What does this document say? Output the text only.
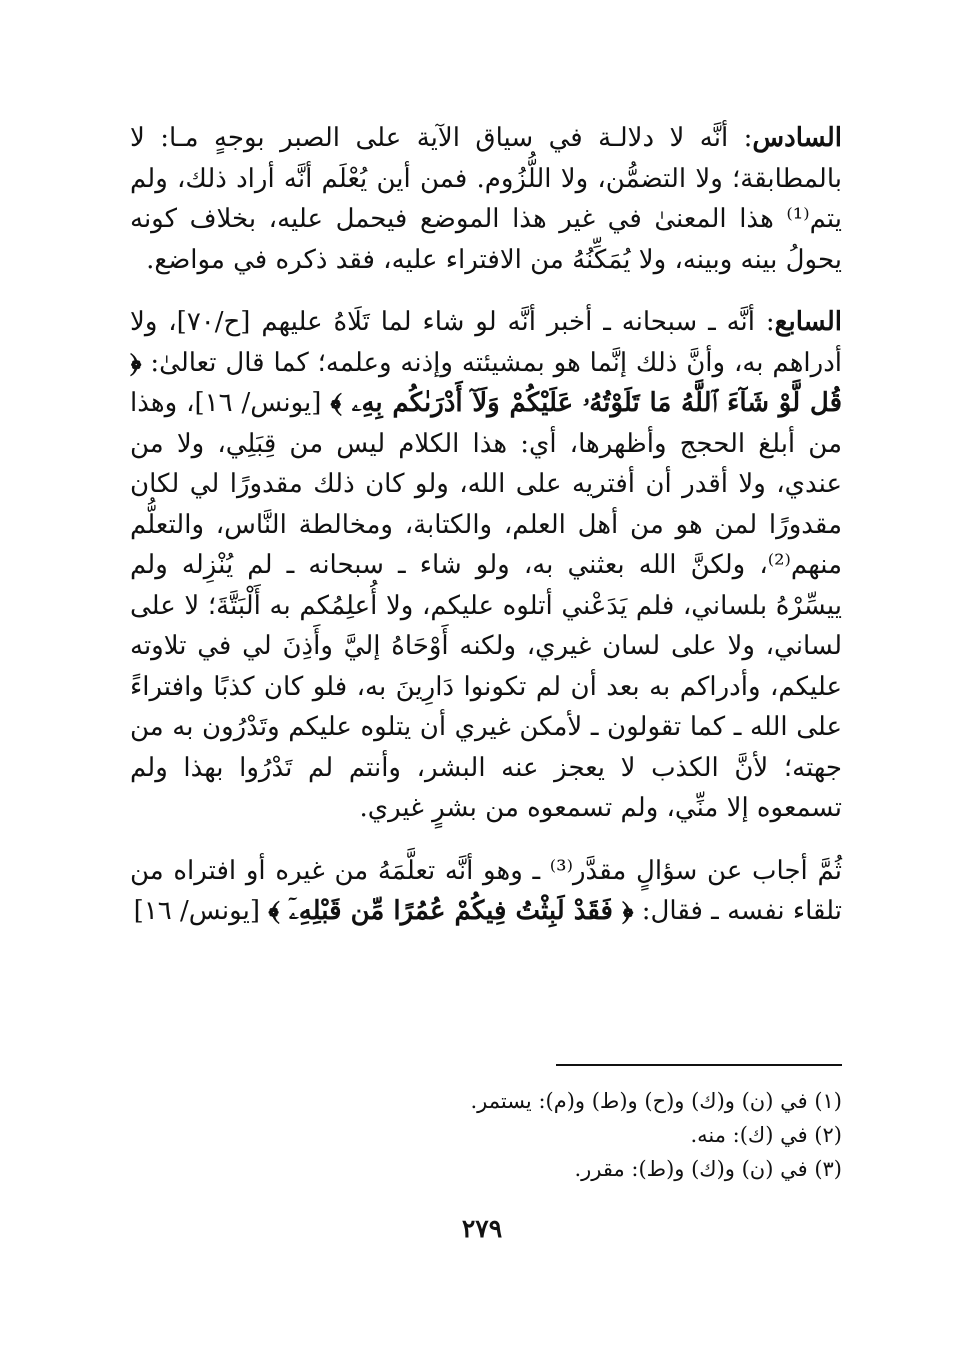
السادس: أنَّه لا دلالـة في سياق الآية على الصبر بوجهٍ مـا: لا بالمطابقة؛ ولا التضمُّن، ولا اللُّزُوم. فمن أين يُعْلَم أنَّه أراد ذلك، ولم يتم⁽¹⁾ هذا المعنىٰ في غير هذا الموضع فيحمل عليه، بخلاف كونه يحولُ بينه وبينه، ولا يُمَكِّنُهُ من الافتراء عليه، فقد ذكره في مواضع.

السابع: أنَّه ـ سبحانه ـ أخبر أنَّه لو شاء لما تَلَاهُ عليهم [ح/٧٠]، ولا أدراهم به، وأنَّ ذلك إنَّما هو بمشيئته وإذنه وعلمه؛ كما قال تعالىٰ: ﴿ قُل لَّوْ شَآءَ ٱللَّهُ مَا تَلَوْتُهُۥ عَلَيْكُمْ وَلَآ أَدْرَىٰكُم بِهِۦ ﴾ [يونس/ ١٦]، وهذا من أبلغ الحجج وأظهرها، أي: هذا الكلام ليس من قِبَلِي، ولا من عندي، ولا أقدر أن أفتريه على الله، ولو كان ذلك مقدورًا لي لكان مقدورًا لمن هو من أهل العلم، والكتابة، ومخالطة النَّاس، والتعلُّم منهم⁽²⁾، ولكنَّ الله بعثني به، ولو شاء ـ سبحانه ـ لم يُنْزِله ولم ييسِّرْهُ بلساني، فلم يَدَعْني أتلوه عليكم، ولا أُعلِمُكم به أَلْبَتَّةَ؛ لا على لساني، ولا على لسان غيري، ولكنه أَوْحَاهُ إليَّ وأَذِنَ لي في تلاوته عليكم، وأدراكم به بعد أن لم تكونوا دَارِينَ به، فلو كان كذبًا وافتراءً على الله ـ كما تقولون ـ لأمكن غيري أن يتلوه عليكم وتَدْرُون به من جهته؛ لأنَّ الكذب لا يعجز عنه البشر، وأنتم لم تَدْرُوا بهذا ولم تسمعوه إلا منِّي، ولم تسمعوه من بشرٍ غيري.

ثُمَّ أجاب عن سؤالٍ مقدَّر⁽³⁾ ـ وهو أنَّه تعلَّمَهُ من غيره أو افتراه من تلقاء نفسه ـ فقال: ﴿ فَقَدْ لَبِثْتُ فِيكُمْ عُمُرًا مِّن قَبْلِهِۦٓ ﴾ [يونس/ ١٦]

(١) في (ن) و(ك) و(ح) و(ط) و(م): يستمر.
(٢) في (ك): منه.
(٣) في (ن) و(ك) و(ط): مقرر.
٢٧٩
